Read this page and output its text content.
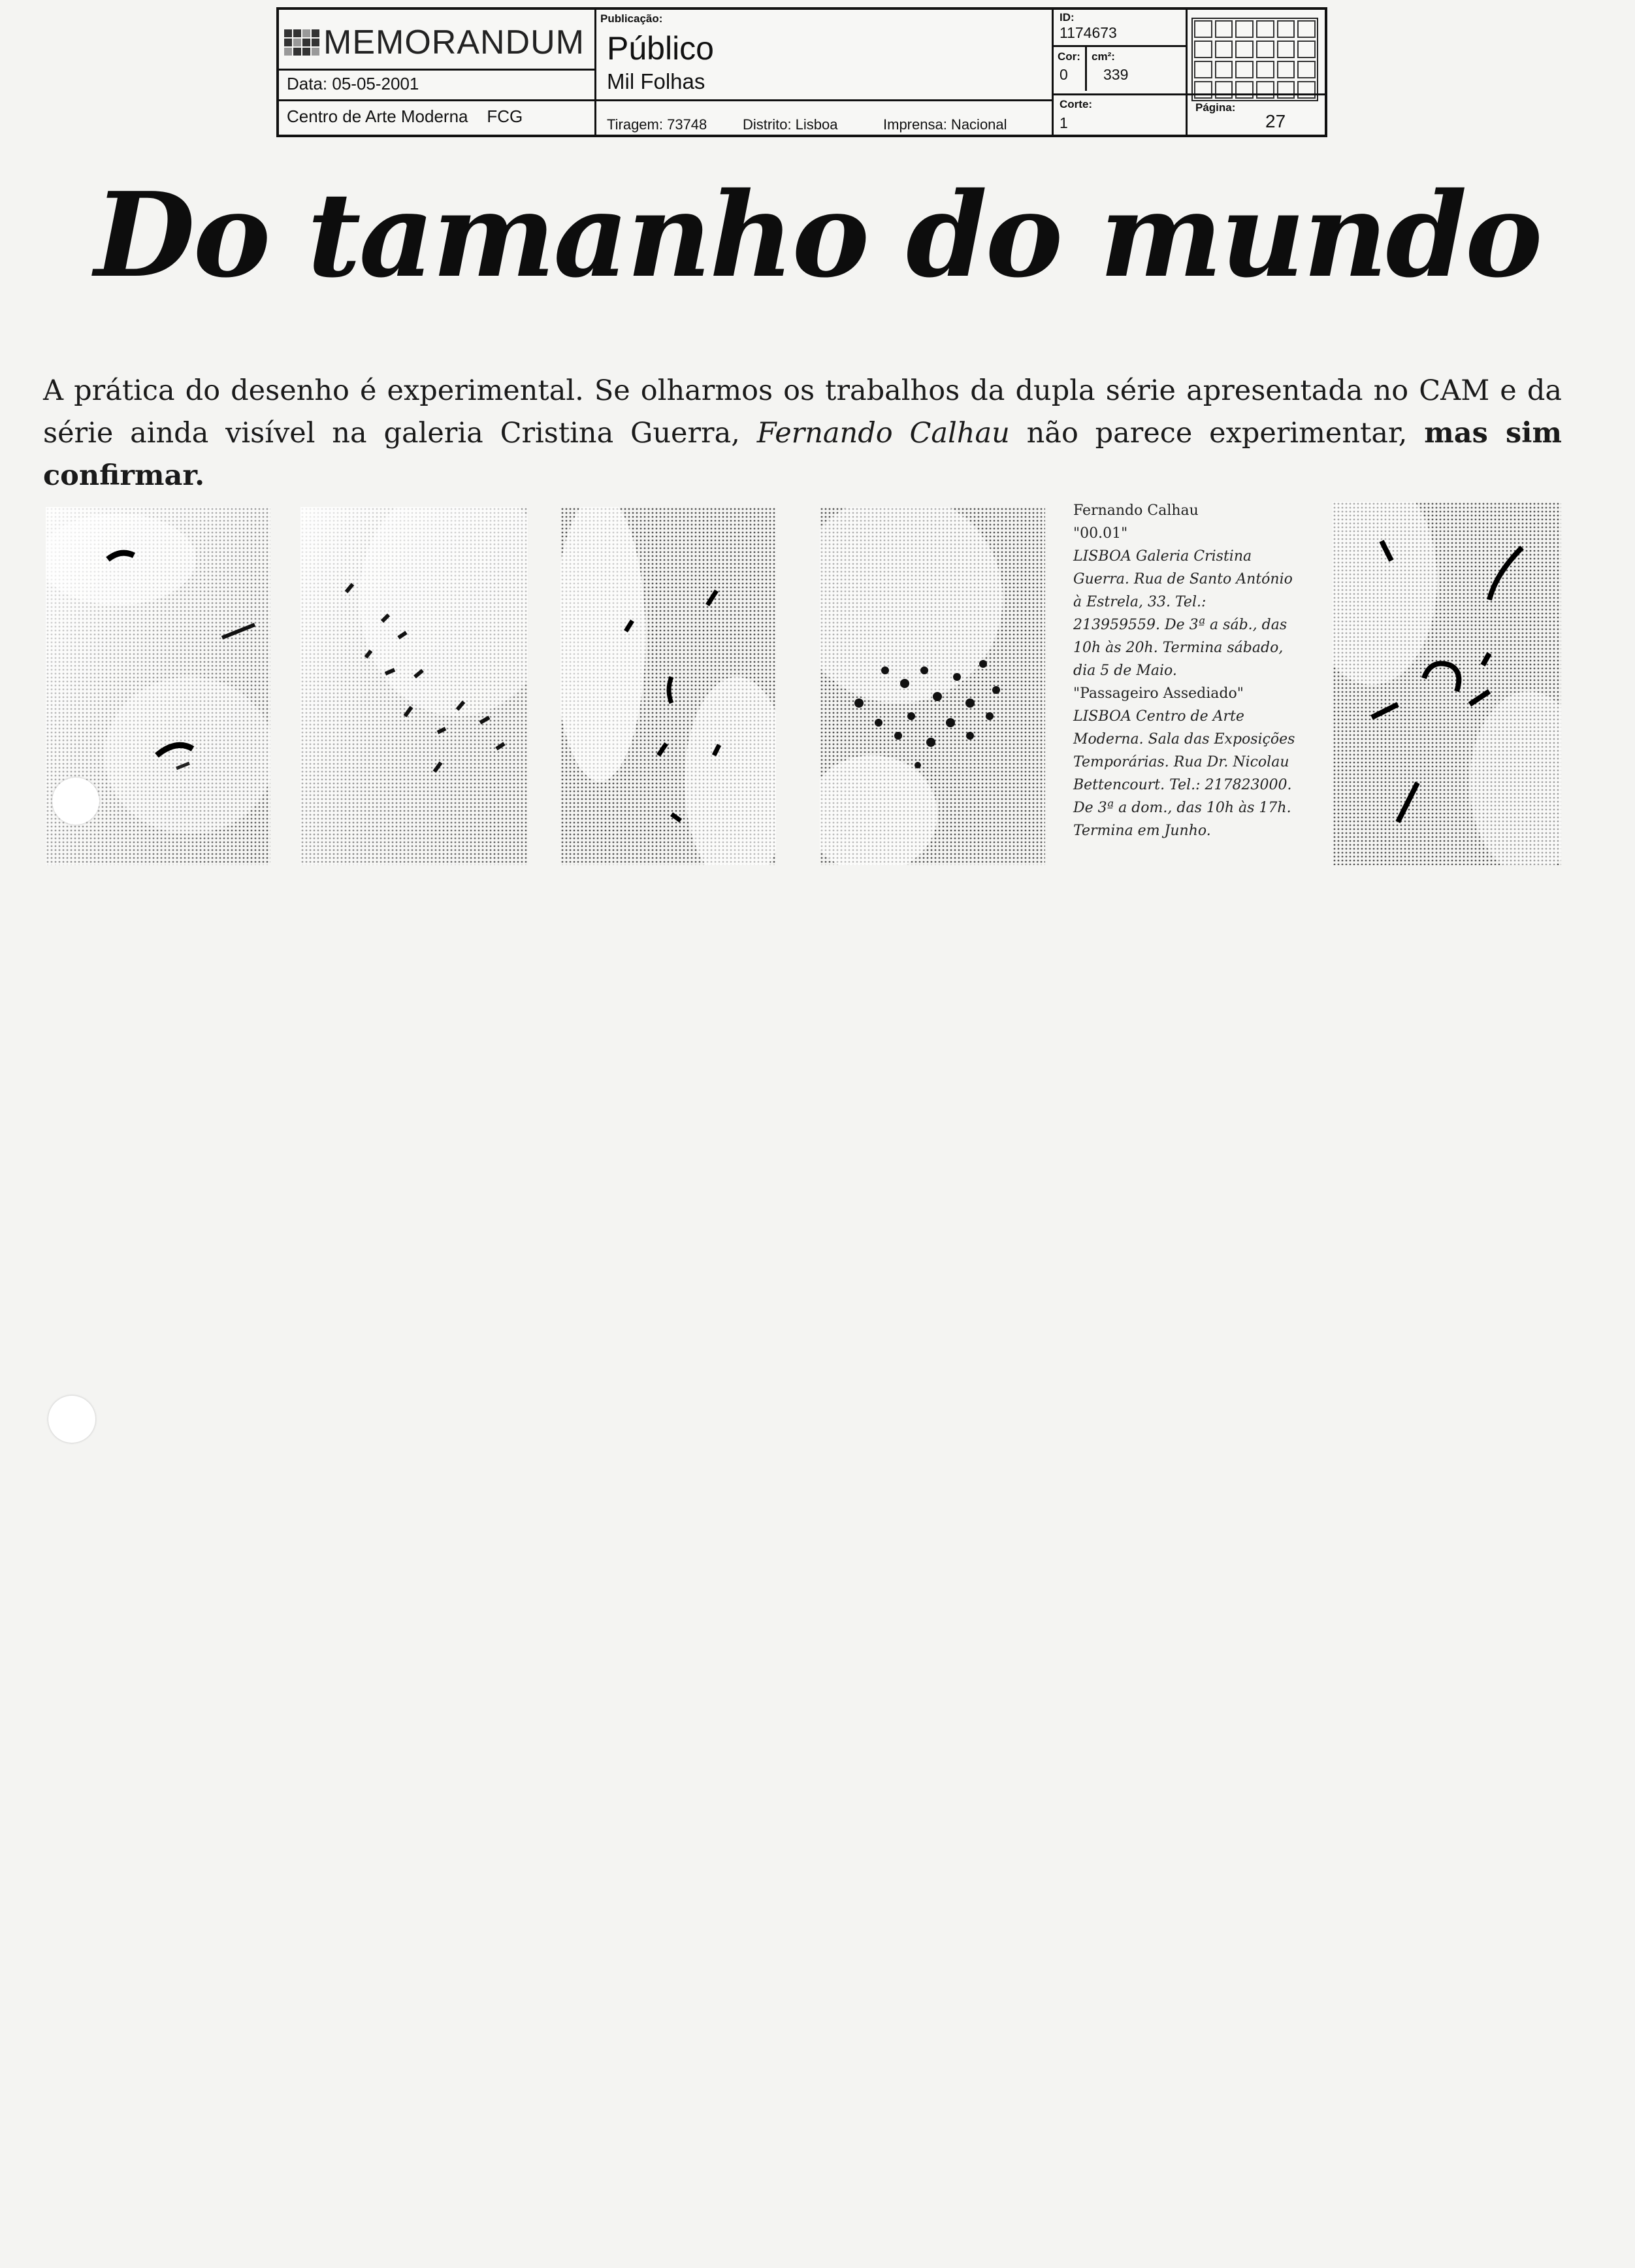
MEMORANDUM
Data: 05-05-2001
Centro de Arte Moderna    FCG
Publicação:
Público
Mil Folhas
Tiragem: 73748 Distrito: Lisboa	Imprensa: Nacional
ID:
1174673
Cor:
0
cm²:
339
Corte:
1
Página:
27
Do tamanho do mundo
A prática do desenho é experimental. Se olharmos os trabalhos da dupla série apresentada no CAM e da série ainda visível na galeria Cristina Guerra, Fernando Calhau não parece experimentar, mas sim confirmar.
Fernando Calhau
"00.01"
LISBOA Galeria Cristina Guerra. Rua de Santo António à Estrela, 33. Tel.: 213959559. De 3ª a sáb., das 10h às 20h. Termina sábado, dia 5 de Maio.
"Passageiro Assediado"
LISBOA Centro de Arte Moderna. Sala das Exposições Temporárias. Rua Dr. Nicolau Bettencourt. Tel.: 217823000. De 3ª a dom., das 10h às 17h. Termina em Junho.
